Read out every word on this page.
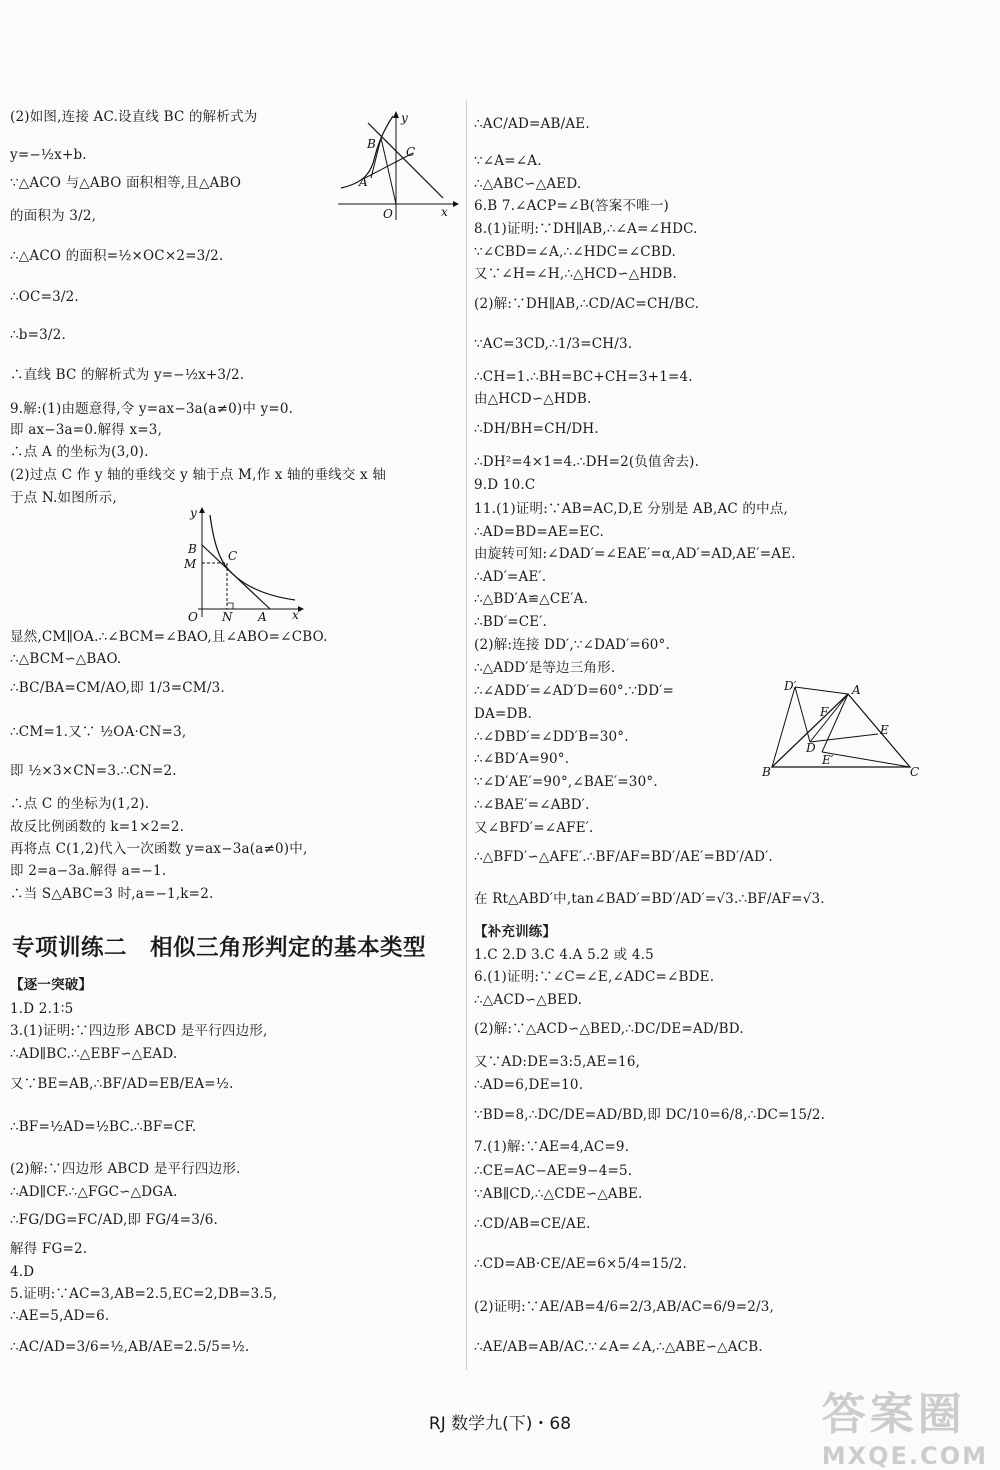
(2)如图,连接 AC.设直线 BC 的解析式为
y=−½x+b.
∵△ACO 与△ABO 面积相等,且△ABO
的面积为 3/2,
∴△ACO 的面积=½×OC×2=3/2.
∴OC=3/2.
∴b=3/2.
∴直线 BC 的解析式为 y=−½x+3/2.
9.解:(1)由题意得,令 y=ax−3a(a≠0)中 y=0.
即 ax−3a=0.解得 x=3,
∴点 A 的坐标为(3,0).
(2)过点 C 作 y 轴的垂线交 y 轴于点 M,作 x 轴的垂线交 x 轴
于点 N.如图所示,
显然,CM∥OA.∴∠BCM=∠BAO,且∠ABO=∠CBO.
∴△BCM∽△BAO.
∴BC/BA=CM/AO,即 1/3=CM/3.
∴CM=1.又∵ ½OA·CN=3,
即 ½×3×CN=3.∴CN=2.
∴点 C 的坐标为(1,2).
故反比例函数的 k=1×2=2.
再将点 C(1,2)代入一次函数 y=ax−3a(a≠0)中,
即 2=a−3a.解得 a=−1.
∴当 S△ABC=3 时,a=−1,k=2.
【逐一突破】
1.D 2.1∶5
3.(1)证明:∵四边形 ABCD 是平行四边形,
∴AD∥BC.∴△EBF∽△EAD.
又∵BE=AB,∴BF/AD=EB/EA=½.
∴BF=½AD=½BC.∴BF=CF.
(2)解:∵四边形 ABCD 是平行四边形.
∴AD∥CF.∴△FGC∽△DGA.
∴FG/DG=FC/AD,即 FG/4=3/6.
解得 FG=2.
4.D
5.证明:∵AC=3,AB=2.5,EC=2,DB=3.5,
∴AE=5,AD=6.
∴AC/AD=3/6=½,AB/AE=2.5/5=½.
∴AC/AD=AB/AE.
∵∠A=∠A.
∴△ABC∽△AED.
6.B 7.∠ACP=∠B(答案不唯一)
8.(1)证明:∵DH∥AB,∴∠A=∠HDC.
∵∠CBD=∠A,∴∠HDC=∠CBD.
又∵∠H=∠H,∴△HCD∽△HDB.
(2)解:∵DH∥AB,∴CD/AC=CH/BC.
∵AC=3CD,∴1/3=CH/3.
∴CH=1.∴BH=BC+CH=3+1=4.
由△HCD∽△HDB.
∴DH/BH=CH/DH.
∴DH²=4×1=4.∴DH=2(负值舍去).
9.D 10.C
11.(1)证明:∵AB=AC,D,E 分别是 AB,AC 的中点,
∴AD=BD=AE=EC.
由旋转可知:∠DAD′=∠EAE′=α,AD′=AD,AE′=AE.
∴AD′=AE′.
∴△BD′A≌△CE′A.
∴BD′=CE′.
(2)解:连接 DD′,∵∠DAD′=60°.
∴△ADD′是等边三角形.
∴∠ADD′=∠AD′D=60°.∵DD′=
DA=DB.
∴∠DBD′=∠DD′B=30°.
∴∠BD′A=90°.
∵∠D′AE′=90°,∠BAE′=30°.
∴∠BAE′=∠ABD′.
又∠BFD′=∠AFE′.
∴△BFD′∽△AFE′.∴BF/AF=BD′/AE′=BD′/AD′.
在 Rt△ABD′中,tan∠BAD′=BD′/AD′=√3.∴BF/AF=√3.
【补充训练】
1.C 2.D 3.C 4.A 5.2 或 4.5
6.(1)证明:∵∠C=∠E,∠ADC=∠BDE.
∴△ACD∽△BED.
(2)解:∵△ACD∽△BED,∴DC/DE=AD/BD.
又∵AD:DE=3:5,AE=16,
∴AD=6,DE=10.
∵BD=8,∴DC/DE=AD/BD,即 DC/10=6/8,∴DC=15/2.
7.(1)解:∵AE=4,AC=9.
∴CE=AC−AE=9−4=5.
∵AB∥CD,∴△CDE∽△ABE.
∴CD/AB=CE/AE.
∴CD=AB·CE/AE=6×5/4=15/2.
(2)证明:∵AE/AB=4/6=2/3,AB/AC=6/9=2/3,
∴AE/AB=AB/AC.∵∠A=∠A,∴△ABE∽△ACB.
专项训练二　相似三角形判定的基本类型
y
x
B
C
A
O
y
x
B
M
C
O N A
D′	A
F
E
D
E′
B	C
RJ 数学九(下)・68	答案圈
MXQE.COM
